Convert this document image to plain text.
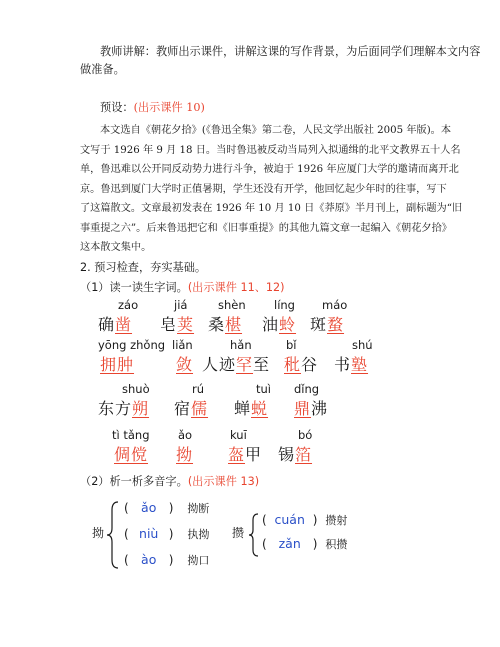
教师讲解：教师出示课件，讲解这课的写作背景，为后面同学们理解本文内容
做准备。
预设：(出示课件 10)
本文选自《朝花夕拾》(《鲁迅全集》第二卷，人民文学出版社 2005 年版)。本
文写于 1926 年 9 月 18 日。当时鲁迅被反动当局列入拟通缉的北平文教界五十人名
单，鲁迅难以公开同反动势力进行斗争，被迫于 1926 年应厦门大学的邀请而离开北
京。鲁迅到厦门大学时正值暑期，学生还没有开学，他回忆起少年时的往事，写下
了这篇散文。文章最初发表在 1926 年 10 月 10 日《莽原》半月刊上，副标题为“旧
事重提之六”。后来鲁迅把它和《旧事重提》的其他九篇文章一起编入《朝花夕拾》
这本散文集中。
2. 预习检查，夯实基础。
（1）读一读生字词。(出示课件 11、12)
záo
确凿
jiá
皂荚
shèn
桑椹
líng
油蛉
máo
斑蝥
yōng zhǒng
拥肿
liǎn
敛
hǎn
人迹罕至
bǐ
秕谷
shú
书塾
shuò
东方朔
rú
宿儒
tuì
蝉蜕
dǐng
鼎沸
tì tǎng
倜傥
ǎo
拗
kuī
盔甲
bó
锡箔
（2）析一析多音字。(出示课件 13)
拗
( ǎo ) 拗断
( niù ) 执拗
( ào ) 拗口
攒
( cuán ) 攒射
( zǎn ) 积攒
